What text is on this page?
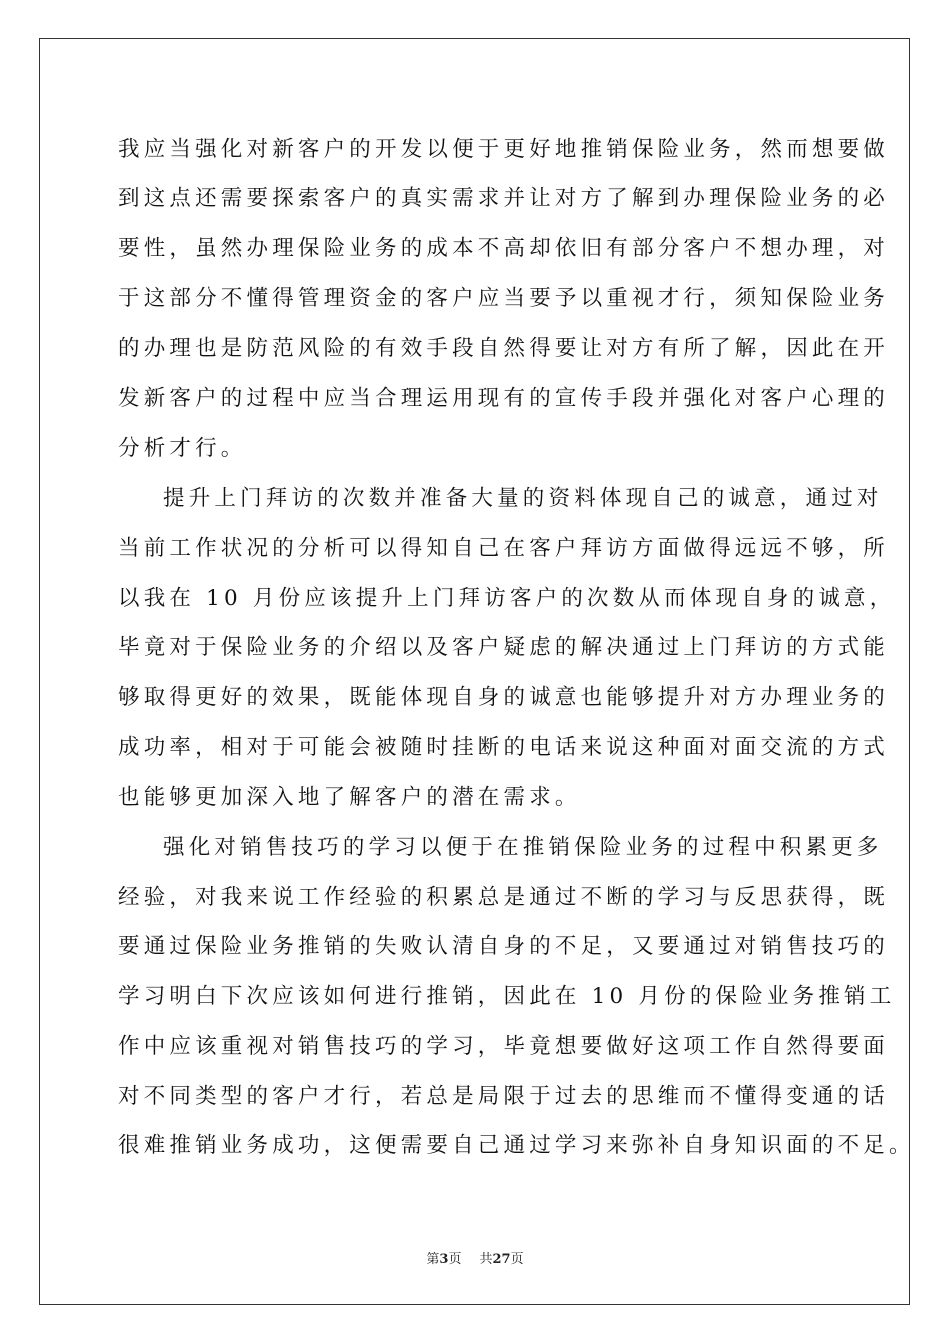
我应当强化对新客户的开发以便于更好地推销保险业务，然而想要做
到这点还需要探索客户的真实需求并让对方了解到办理保险业务的必
要性，虽然办理保险业务的成本不高却依旧有部分客户不想办理，对
于这部分不懂得管理资金的客户应当要予以重视才行，须知保险业务
的办理也是防范风险的有效手段自然得要让对方有所了解，因此在开
发新客户的过程中应当合理运用现有的宣传手段并强化对客户心理的
分析才行。
提升上门拜访的次数并准备大量的资料体现自己的诚意，通过对
当前工作状况的分析可以得知自己在客户拜访方面做得远远不够，所
以我在 10 月份应该提升上门拜访客户的次数从而体现自身的诚意，
毕竟对于保险业务的介绍以及客户疑虑的解决通过上门拜访的方式能
够取得更好的效果，既能体现自身的诚意也能够提升对方办理业务的
成功率，相对于可能会被随时挂断的电话来说这种面对面交流的方式
也能够更加深入地了解客户的潜在需求。
强化对销售技巧的学习以便于在推销保险业务的过程中积累更多
经验，对我来说工作经验的积累总是通过不断的学习与反思获得，既
要通过保险业务推销的失败认清自身的不足，又要通过对销售技巧的
学习明白下次应该如何进行推销，因此在 10 月份的保险业务推销工
作中应该重视对销售技巧的学习，毕竟想要做好这项工作自然得要面
对不同类型的客户才行，若总是局限于过去的思维而不懂得变通的话
很难推销业务成功，这便需要自己通过学习来弥补自身知识面的不足。
第3页 共27页
